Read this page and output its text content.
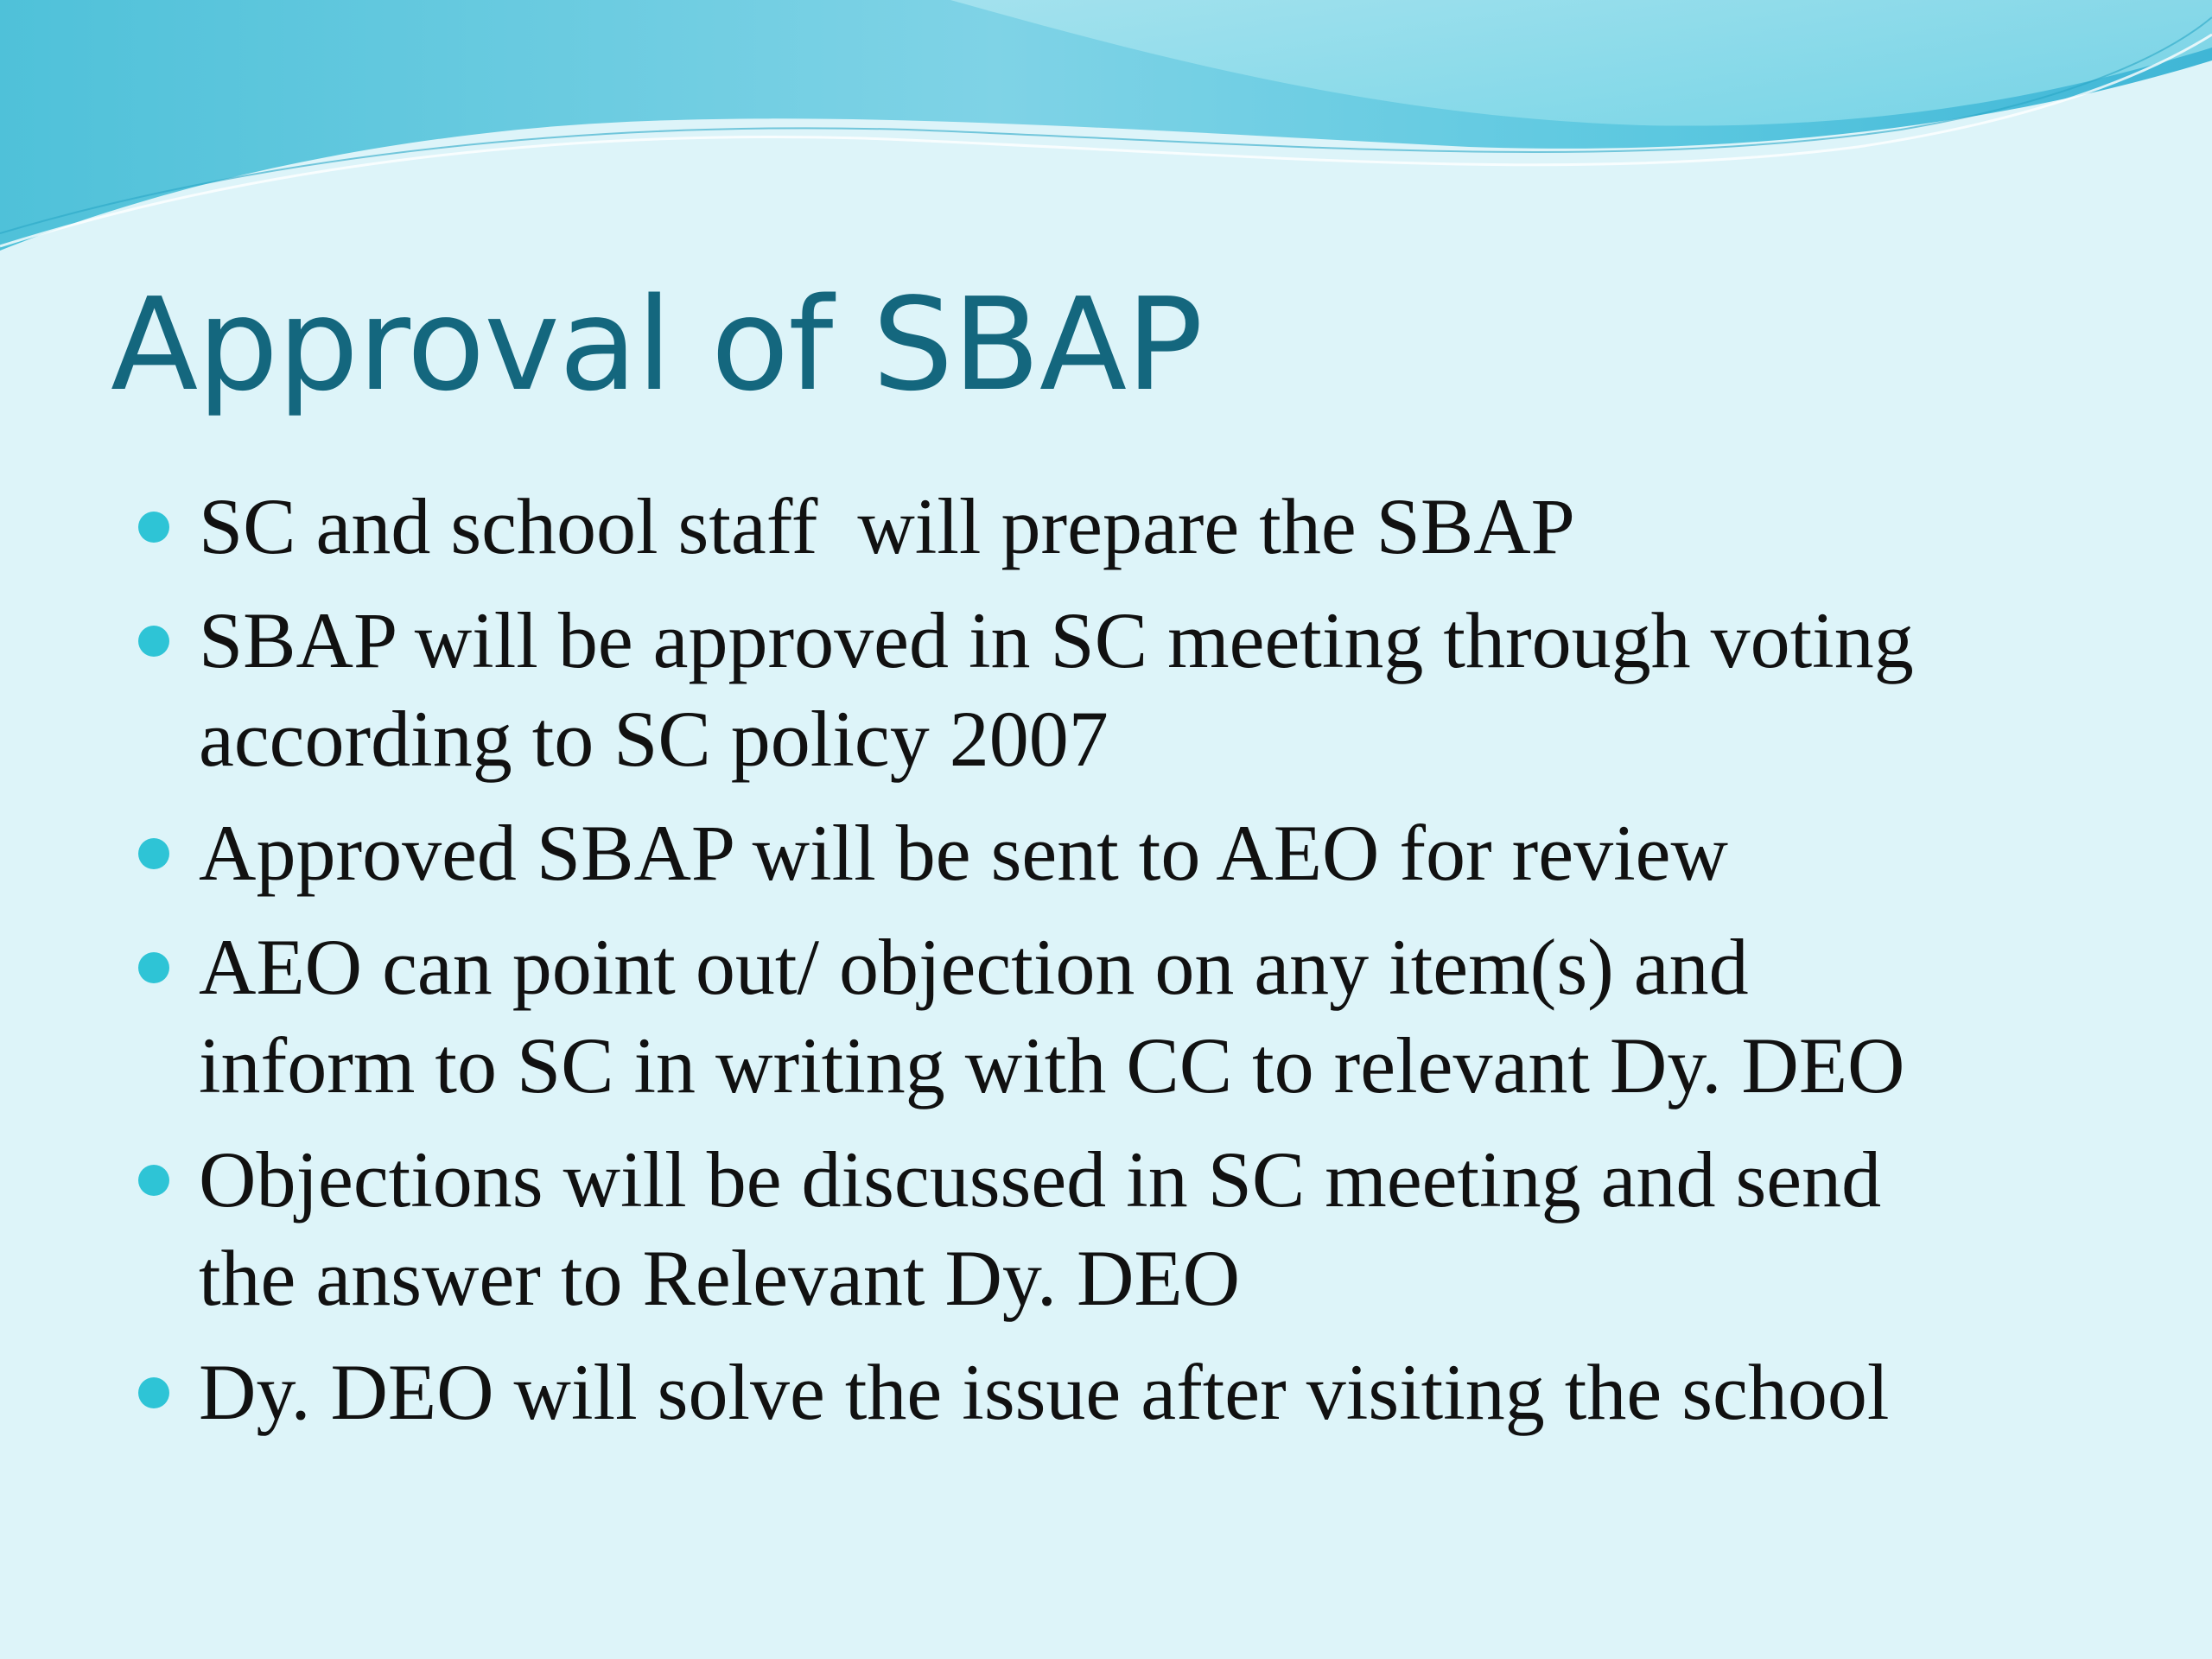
Approval of SBAP
SC and school staff  will prepare the SBAP
SBAP will be approved in SC meeting through voting
according to SC policy 2007
Approved SBAP will be sent to AEO for review
AEO can point out/ objection on any item(s) and
inform to SC in writing with CC to relevant Dy. DEO
Objections will be discussed in SC meeting and send
the answer to Relevant Dy. DEO
Dy. DEO will solve the issue after visiting the school
